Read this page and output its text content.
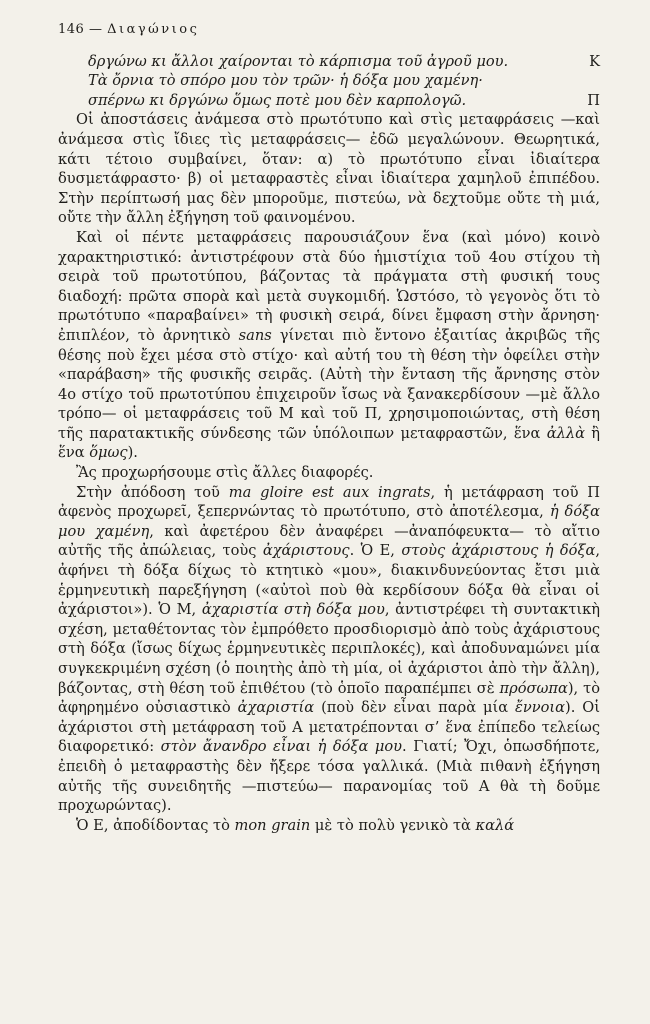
146 — Διαγώνιος
δργώνω κι ἄλλοι χαίρονται τὸ κάρπισμα τοῦ ἀγροῦ μου.	Κ
Τὰ ὄρνια τὸ σπόρο μου τὸν τρῶν· ἡ δόξα μου χαμένη·
σπέρνω κι δργώνω ὅμως ποτὲ μου δὲν καρπολογῶ.	Π

Οἱ ἀποστάσεις ἀνάμεσα στὸ πρωτότυπο καὶ στὶς μεταφράσεις —καὶ ἀνάμεσα στὶς ἴδιες τὶς μεταφράσεις— ἐδῶ μεγαλώνουν. Θεωρητικά, κάτι τέτοιο συμβαίνει, ὅταν: α) τὸ πρωτότυπο εἶναι ἰδιαίτερα δυσμετάφραστο· β) οἱ μεταφραστὲς εἶναι ἰδιαίτερα χαμηλοῦ ἐπιπέδου. Στὴν περίπτωσή μας δὲν μποροῦμε, πιστεύω, νὰ δεχτοῦμε οὔτε τὴ μιά, οὔτε τὴν ἄλλη ἐξήγηση τοῦ φαινομένου.

Καὶ οἱ πέντε μεταφράσεις παρουσιάζουν ἕνα (καὶ μόνο) κοινὸ χαρακτηριστικό: ἀντιστρέφουν στὰ δύο ἡμιστίχια τοῦ 4ου στίχου τὴ σειρὰ τοῦ πρωτοτύπου, βάζοντας τὰ πράγματα στὴ φυσική τους διαδοχή: πρῶτα σπορὰ καὶ μετὰ συγκομιδή. Ὡστόσο, τὸ γεγονὸς ὅτι τὸ πρωτότυπο «παραβαίνει» τὴ φυσικὴ σειρά, δίνει ἔμφαση στὴν ἄρνηση· ἐπιπλέον, τὸ ἀρνητικὸ sans γίνεται πιὸ ἔντονο ἐξαιτίας ἀκριβῶς τῆς θέσης ποὺ ἔχει μέσα στὸ στίχο· καὶ αὐτή του τὴ θέση τὴν ὀφείλει στὴν «παράβαση» τῆς φυσικῆς σειρᾶς. (Αὐτὴ τὴν ἔνταση τῆς ἄρνησης στὸν 4ο στίχο τοῦ πρωτοτύπου ἐπιχειροῦν ἴσως νὰ ξανακερδίσουν —μὲ ἄλλο τρόπο— οἱ μεταφράσεις τοῦ Μ καὶ τοῦ Π, χρησιμοποιώντας, στὴ θέση τῆς παρατακτικῆς σύνδεσης τῶν ὑπόλοιπων μεταφραστῶν, ἕνα ἀλλὰ ἢ ἕνα ὅμως).

Ἂς προχωρήσουμε στὶς ἄλλες διαφορές.

Στὴν ἀπόδοση τοῦ ma gloire est aux ingrats, ἡ μετάφραση τοῦ Π ἀφενὸς προχωρεῖ, ξεπερνώντας τὸ πρωτότυπο, στὸ ἀποτέλεσμα, ἡ δόξα μου χαμένη, καὶ ἀφετέρου δὲν ἀναφέρει —ἀναπόφευκτα— τὸ αἴτιο αὐτῆς τῆς ἀπώλειας, τοὺς ἀχάριστους. Ὁ Ε, στοὺς ἀχάριστους ἡ δόξα, ἀφήνει τὴ δόξα δίχως τὸ κτητικὸ «μου», διακινδυνεύοντας ἔτσι μιὰ ἑρμηνευτικὴ παρεξήγηση («αὐτοὶ ποὺ θὰ κερδίσουν δόξα θὰ εἶναι οἱ ἀχάριστοι»). Ὁ Μ, ἀχαριστία στὴ δόξα μου, ἀντιστρέφει τὴ συντακτικὴ σχέση, μεταθέτοντας τὸν ἐμπρόθετο προσδιορισμὸ ἀπὸ τοὺς ἀχάριστους στὴ δόξα (ἴσως δίχως ἑρμηνευτικὲς περιπλοκές), καὶ ἀποδυναμώνει μία συγκεκριμένη σχέση (ὁ ποιητὴς ἀπὸ τὴ μία, οἱ ἀχάριστοι ἀπὸ τὴν ἄλλη), βάζοντας, στὴ θέση τοῦ ἐπιθέτου (τὸ ὁποῖο παραπέμπει σὲ πρόσωπα), τὸ ἀφηρημένο οὐσιαστικὸ ἀχαριστία (ποὺ δὲν εἶναι παρὰ μία ἔννοια). Οἱ ἀχάριστοι στὴ μετάφραση τοῦ Α μετατρέπονται σ’ ἕνα ἐπίπεδο τελείως διαφορετικό: στὸν ἄνανδρο εἶναι ἡ δόξα μου. Γιατί; Ὄχι, ὁπωσδήποτε, ἐπειδὴ ὁ μεταφραστὴς δὲν ἤξερε τόσα γαλλικά. (Μιὰ πιθανὴ ἐξήγηση αὐτῆς τῆς συνειδητῆς —πιστεύω— παρανομίας τοῦ Α θὰ τὴ δοῦμε προχωρώντας).

Ὁ Ε, ἀποδίδοντας τὸ mon grain μὲ τὸ πολὺ γενικὸ τὰ καλά
